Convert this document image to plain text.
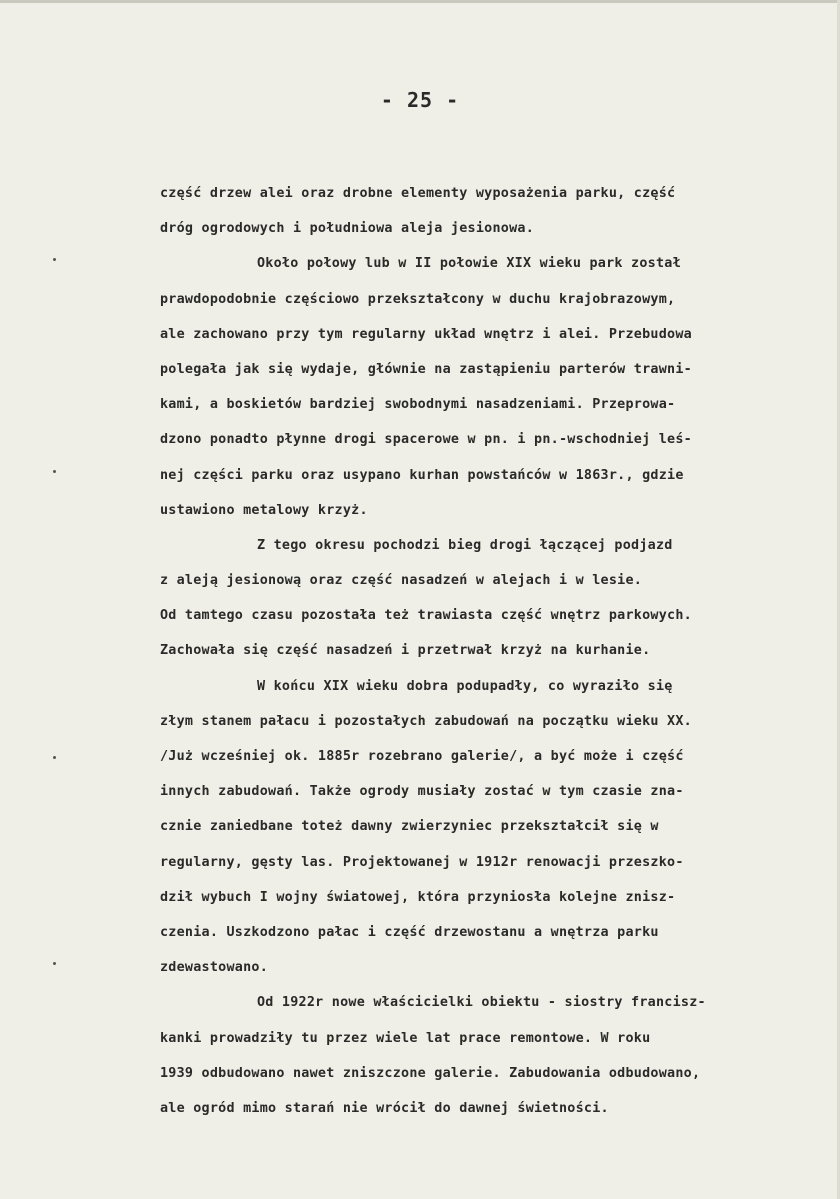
- 25 -
część drzew alei oraz drobne elementy wyposażenia parku, część
dróg ogrodowych i południowa aleja jesionowa.
Około połowy lub w II połowie XIX wieku park został
prawdopodobnie częściowo przekształcony w duchu krajobrazowym,
ale zachowano przy tym regularny układ wnętrz i alei. Przebudowa
polegała jak się wydaje, głównie na zastąpieniu parterów trawni-
kami, a boskietów bardziej swobodnymi nasadzeniami. Przeprowa-
dzono ponadto płynne drogi spacerowe w pn. i pn.-wschodniej leś-
nej części parku oraz usypano kurhan powstańców w 1863r., gdzie
ustawiono metalowy krzyż.
Z tego okresu pochodzi bieg drogi łączącej podjazd
z aleją jesionową oraz część nasadzeń w alejach i w lesie.
Od tamtego czasu pozostała też trawiasta część wnętrz parkowych.
Zachowała się część nasadzeń i przetrwał krzyż na kurhanie.
W końcu XIX wieku dobra podupadły, co wyraziło się
złym stanem pałacu i pozostałych zabudowań na początku wieku XX.
/Już wcześniej ok. 1885r rozebrano galerie/, a być może i część
innych zabudowań. Także ogrody musiały zostać w tym czasie zna-
cznie zaniedbane toteż dawny zwierzyniec przekształcił się w
regularny, gęsty las. Projektowanej w 1912r renowacji przeszko-
dził wybuch I wojny światowej, która przyniosła kolejne znisz-
czenia. Uszkodzono pałac i część drzewostanu a wnętrza parku
zdewastowano.
Od 1922r nowe właścicielki obiektu - siostry francisz-
kanki prowadziły tu przez wiele lat prace remontowe. W roku
1939 odbudowano nawet zniszczone galerie. Zabudowania odbudowano,
ale ogród mimo starań nie wrócił do dawnej świetności.
